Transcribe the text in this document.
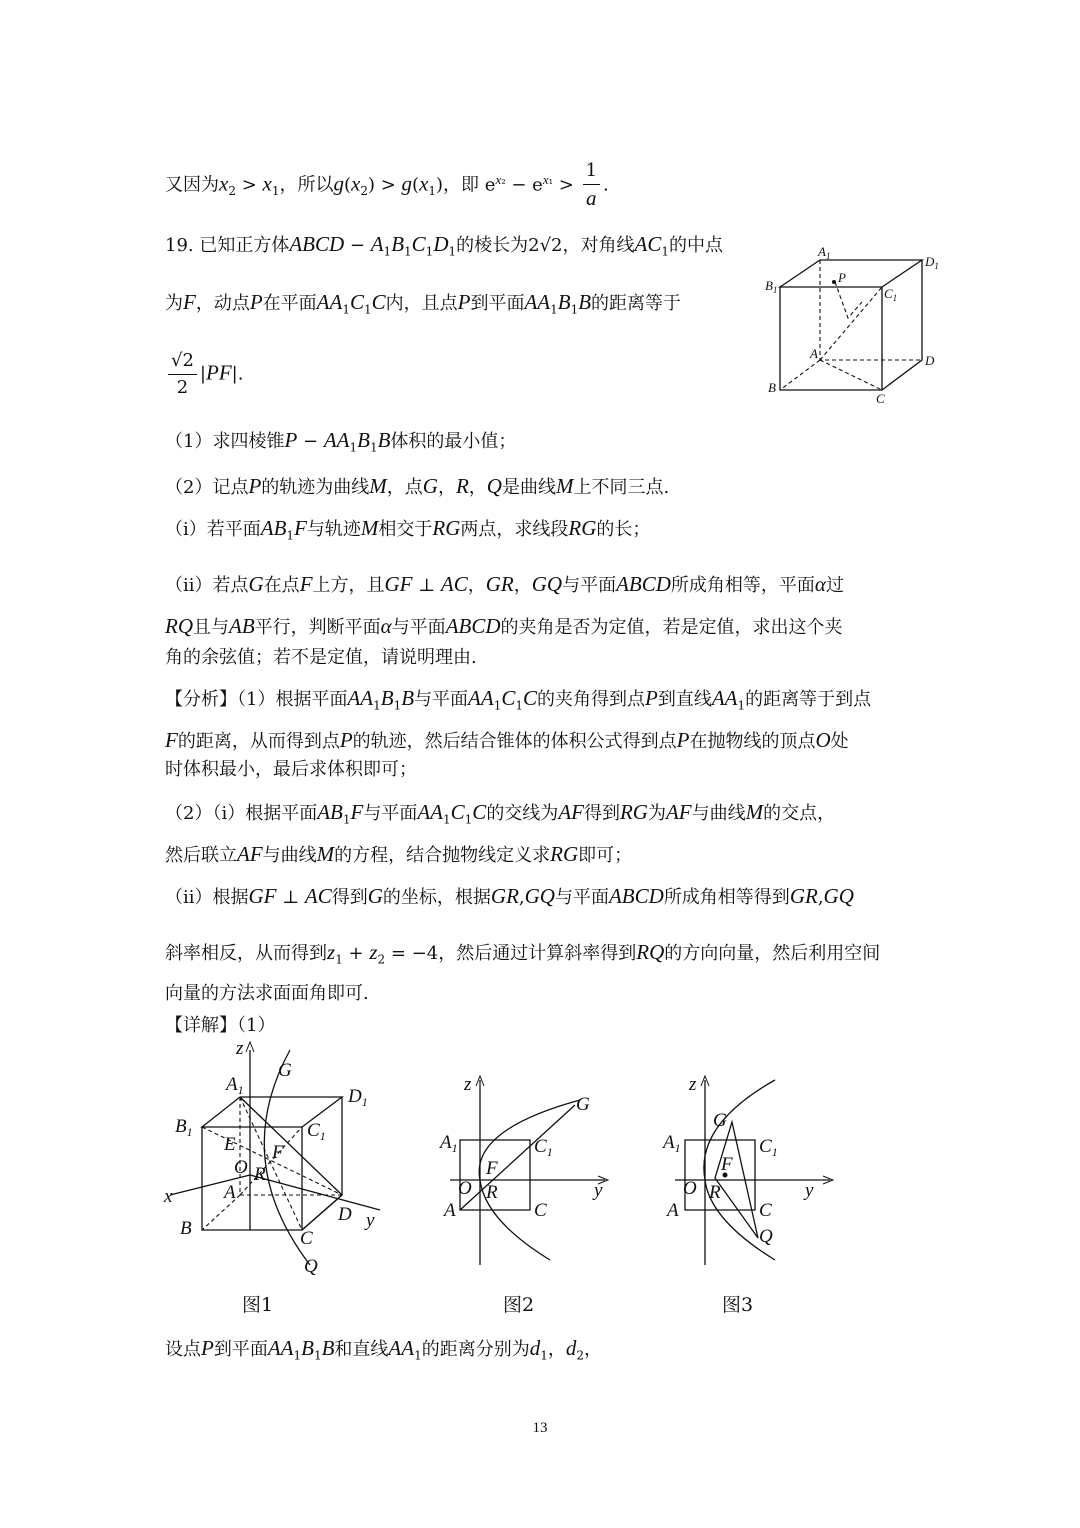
又因为$x_2 > x_1$，所以$g(x_2) > g(x_1)$，即 $e^{x_2} - e^{x_1} > \frac{1}{a}$ .
19. 已知正方体ABCD − $A_1B_1C_1D_1$的棱长为2√2，对角线$AC_1$的中点
为F，动点P在平面$AA_1C_1C$内，且点P到平面$AA_1B_1B$的距离等于
$\frac{√2}{2} |PF|$.
（1）求四棱锥$P - AA_1B_1B$体积的最小值；
（2）记点P的轨迹为曲线M，点G，R，Q是曲线M上不同三点.
（i）若平面$AB_1F$与轨迹M相交于RG两点，求线段RG的长；
（ii）若点G在点F上方，且GF ⊥ AC，GR，GQ与平面ABCD所成角相等，平面α过
RQ且与AB平行，判断平面α与平面ABCD的夹角是否为定值，若是定值，求出这个夹
角的余弦值；若不是定值，请说明理由.
【分析】（1）根据平面$AA_1B_1B$与平面$AA_1C_1C$的夹角得到点P到直线$AA_1$的距离等于到点
F的距离，从而得到点P的轨迹，然后结合锥体的体积公式得到点P在抛物线的顶点O处
时体积最小，最后求体积即可；
（2）（i）根据平面$AB_1F$与平面$AA_1C_1C$的交线为AF得到RG为AF与曲线M的交点，
然后联立AF与曲线M的方程，结合抛物线定义求RG即可；
（ii）根据GF ⊥ AC得到G的坐标，根据GR,GQ与平面ABCD所成角相等得到GR,GQ
斜率相反，从而得到$z_1 + z_2 = -4$，然后通过计算斜率得到RQ的方向向量，然后利用空间
向量的方法求面面角即可.
【详解】（1）
设点P到平面$AA_1B_1B$和直线$AA_1$的距离分别为$d_1$，$d_2$，
$A_1$	$D_1$
$B_1$
P
$C_1$
A	D
B
C
z
G
$A_1$	$D_1$
$B_1$	$C_1$
E F
O R
x	A
D y
B	C
Q
z
G
$A_1$	$C_1$
F
O R	y
A	C
z
G
$A_1$	$C_1$
F
O R	y
A	C
Q
图1	图2	图3
13
